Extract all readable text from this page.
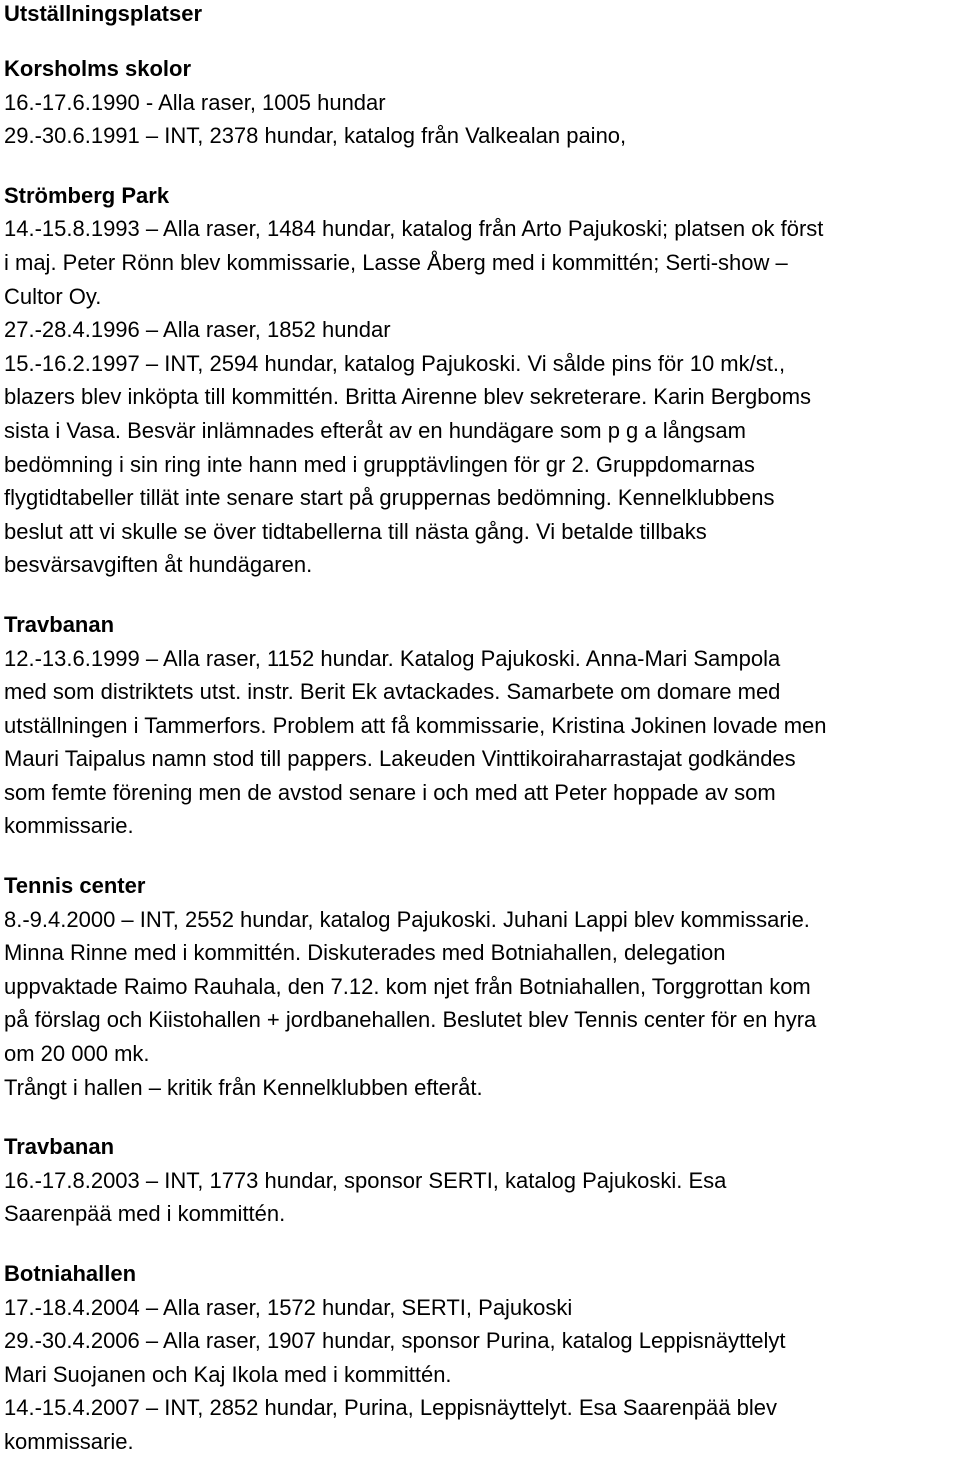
Utställningsplatser
Korsholms skolor
16.-17.6.1990 - Alla raser, 1005 hundar
29.-30.6.1991 – INT, 2378 hundar, katalog från Valkealan paino,
Strömberg Park
14.-15.8.1993 – Alla raser, 1484 hundar, katalog från Arto Pajukoski; platsen ok först
i maj. Peter Rönn blev kommissarie, Lasse Åberg med i kommittén; Serti-show –
Cultor Oy.
27.-28.4.1996 – Alla raser, 1852 hundar
15.-16.2.1997 – INT, 2594 hundar, katalog Pajukoski. Vi sålde pins för 10 mk/st.,
blazers blev inköpta till kommittén. Britta Airenne blev sekreterare. Karin Bergboms
sista i Vasa. Besvär inlämnades efteråt av en hundägare som p g a långsam
bedömning i sin ring inte hann med i grupptävlingen för gr 2. Gruppdomarnas
flygtidtabeller tillät inte senare start på gruppernas bedömning. Kennelklubbens
beslut att vi skulle se över tidtabellerna till nästa gång. Vi betalde tillbaks
besvärsavgiften åt hundägaren.
Travbanan
12.-13.6.1999 – Alla raser, 1152 hundar. Katalog Pajukoski. Anna-Mari Sampola
med som distriktets utst. instr. Berit Ek avtackades. Samarbete om domare med
utställningen i Tammerfors. Problem att få kommissarie, Kristina Jokinen lovade men
Mauri Taipalus namn stod till pappers. Lakeuden Vinttikoiraharrastajat godkändes
som femte förening men de avstod senare i och med att Peter hoppade av som
kommissarie.
Tennis center
8.-9.4.2000 – INT, 2552 hundar, katalog Pajukoski. Juhani Lappi blev kommissarie.
Minna Rinne med i kommittén. Diskuterades med Botniahallen, delegation
uppvaktade Raimo Rauhala, den 7.12. kom njet från Botniahallen, Torggrottan kom
på förslag och Kiistohallen + jordbanehallen. Beslutet blev Tennis center för en hyra
om 20 000 mk.
Trångt i hallen – kritik från Kennelklubben efteråt.
Travbanan
16.-17.8.2003 – INT, 1773 hundar, sponsor SERTI, katalog Pajukoski. Esa
Saarenpää med i kommittén.
Botniahallen
17.-18.4.2004 – Alla raser, 1572 hundar, SERTI, Pajukoski
29.-30.4.2006 – Alla raser, 1907 hundar, sponsor Purina, katalog Leppisnäyttelyt
Mari Suojanen och Kaj Ikola med i kommittén.
14.-15.4.2007 – INT, 2852 hundar, Purina, Leppisnäyttelyt. Esa Saarenpää blev
kommissarie.
